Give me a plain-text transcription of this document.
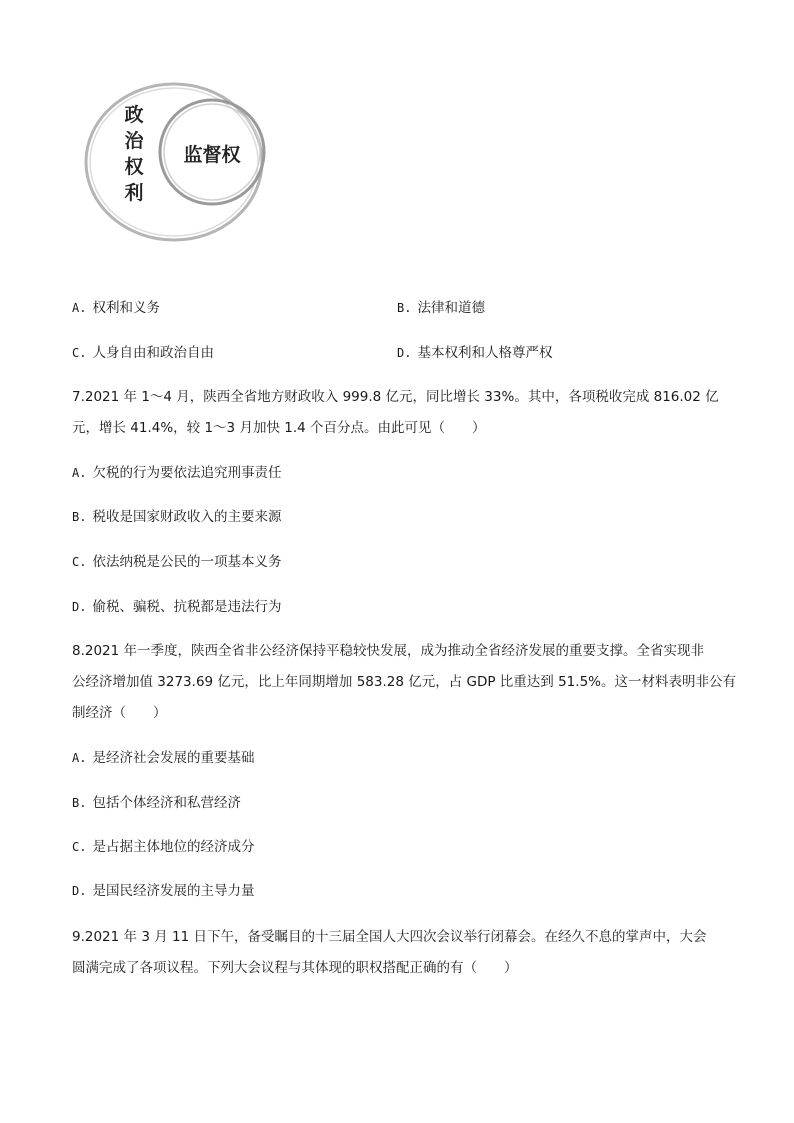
政
治
权
利
监督权
A. 权利和义务	B. 法律和道德
C. 人身自由和政治自由	D. 基本权利和人格尊严权
7.2021 年 1～4 月，陕西全省地方财政收入 999.8 亿元，同比增长 33%。其中，各项税收完成 816.02 亿
元，增长 41.4%，较 1～3 月加快 1.4 个百分点。由此可见（　　）
A. 欠税的行为要依法追究刑事责任
B. 税收是国家财政收入的主要来源
C. 依法纳税是公民的一项基本义务
D. 偷税、骗税、抗税都是违法行为
8.2021 年一季度，陕西全省非公经济保持平稳较快发展，成为推动全省经济发展的重要支撑。全省实现非
公经济增加值 3273.69 亿元，比上年同期增加 583.28 亿元，占 GDP 比重达到 51.5%。这一材料表明非公有
制经济（　　）
A. 是经济社会发展的重要基础
B. 包括个体经济和私营经济
C. 是占据主体地位的经济成分
D. 是国民经济发展的主导力量
9.2021 年 3 月 11 日下午，备受瞩目的十三届全国人大四次会议举行闭幕会。在经久不息的掌声中，大会
圆满完成了各项议程。下列大会议程与其体现的职权搭配正确的有（　　）
